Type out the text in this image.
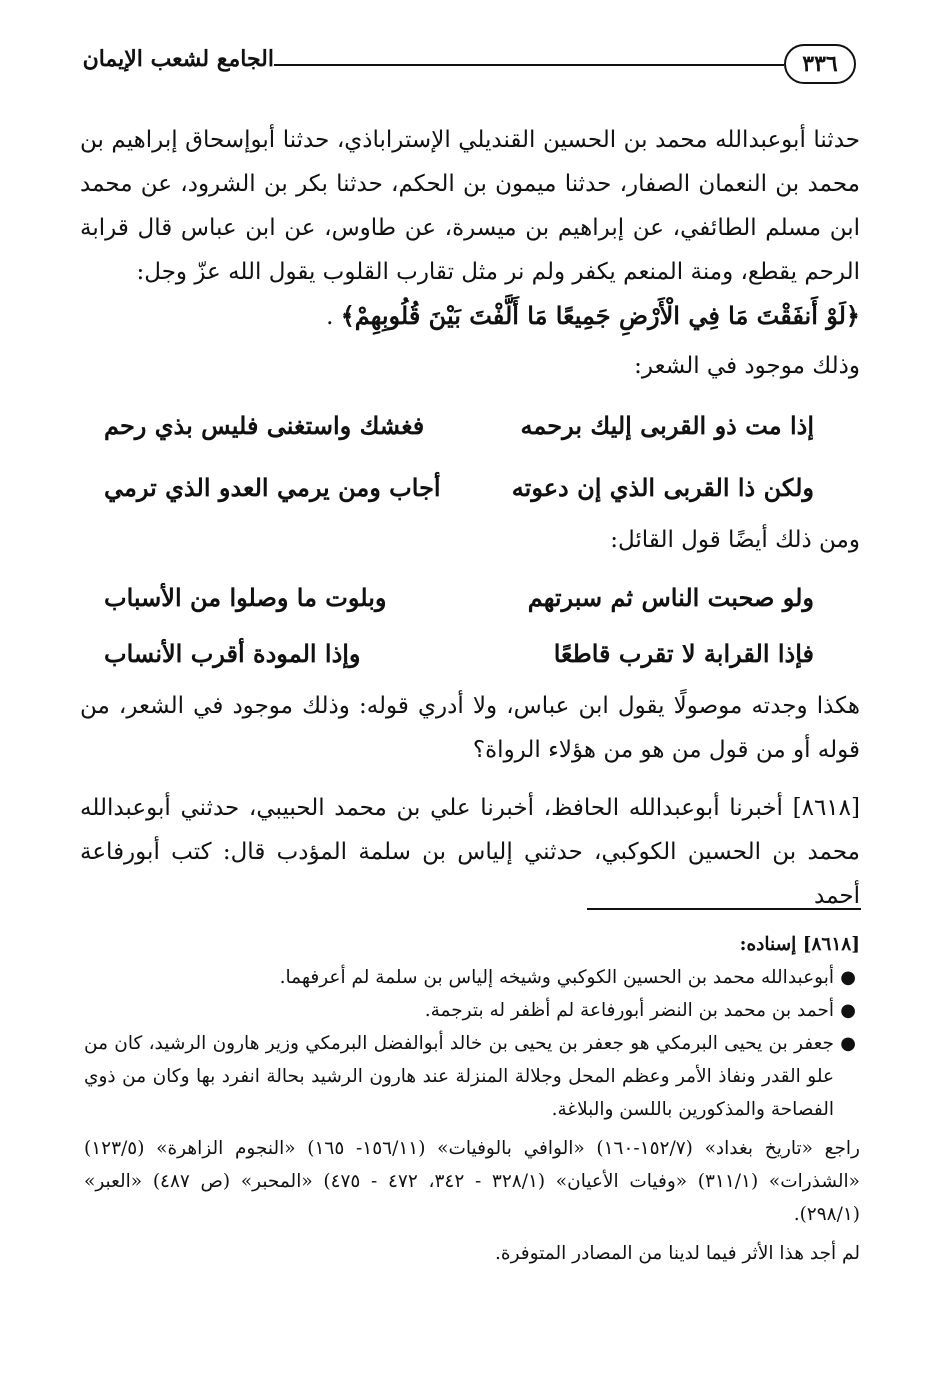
٣٣٦
الجامع لشعب الإيمان

حدثنا أبوعبدالله محمد بن الحسين القنديلي الإستراباذي، حدثنا أبوإسحاق إبراهيم بن محمد بن النعمان الصفار، حدثنا ميمون بن الحكم، حدثنا بكر بن الشرود، عن محمد ابن مسلم الطائفي، عن إبراهيم بن ميسرة، عن طاوس، عن ابن عباس قال قرابة الرحم يقطع، ومنة المنعم يكفر ولم نر مثل تقارب القلوب يقول الله عزّ وجل:
﴿لَوْ أَنفَقْتَ مَا فِي الْأَرْضِ جَمِيعًا مَا أَلَّفْتَ بَيْنَ قُلُوبِهِمْ﴾ .

وذلك موجود في الشعر:

إذا مت ذو القربى إليك برحمه
فغشك واستغنى فليس بذي رحم
ولكن ذا القربى الذي إن دعوته
أجاب ومن يرمي العدو الذي ترمي

ومن ذلك أيضًا قول القائل:

ولو صحبت الناس ثم سبرتهم
وبلوت ما وصلوا من الأسباب
فإذا القرابة لا تقرب قاطعًا
وإذا المودة أقرب الأنساب

هكذا وجدته موصولًا يقول ابن عباس، ولا أدري قوله: وذلك موجود في الشعر، من قوله أو من قول من هو من هؤلاء الرواة؟

[٨٦١٨] أخبرنا أبوعبدالله الحافظ، أخبرنا علي بن محمد الحبيبي، حدثني أبوعبدالله محمد بن الحسين الكوكبي، حدثني إلياس بن سلمة المؤدب قال: كتب أبورفاعة أحمد

[٨٦١٨] إسناده:

●
أبوعبدالله محمد بن الحسين الكوكبي وشيخه إلياس بن سلمة لم أعرفهما.
●
أحمد بن محمد بن النضر أبورفاعة لم أظفر له بترجمة.
●
جعفر بن يحيى البرمكي هو جعفر بن يحيى بن خالد أبوالفضل البرمكي وزير هارون الرشيد، كان من علو القدر ونفاذ الأمر وعظم المحل وجلالة المنزلة عند هارون الرشيد بحالة انفرد بها وكان من ذوي الفصاحة والمذكورين باللسن والبلاغة.

راجع «تاريخ بغداد» (١٥٢/٧-١٦٠) «الوافي بالوفيات» (١٥٦/١١- ١٦٥) «النجوم الزاهرة» (١٢٣/٥) «الشذرات» (٣١١/١) «وفيات الأعيان» (٣٢٨/١ - ٣٤٢، ٤٧٢ - ٤٧٥) «المحبر» (ص ٤٨٧) «العبر» (٢٩٨/١).

لم أجد هذا الأثر فيما لدينا من المصادر المتوفرة.
